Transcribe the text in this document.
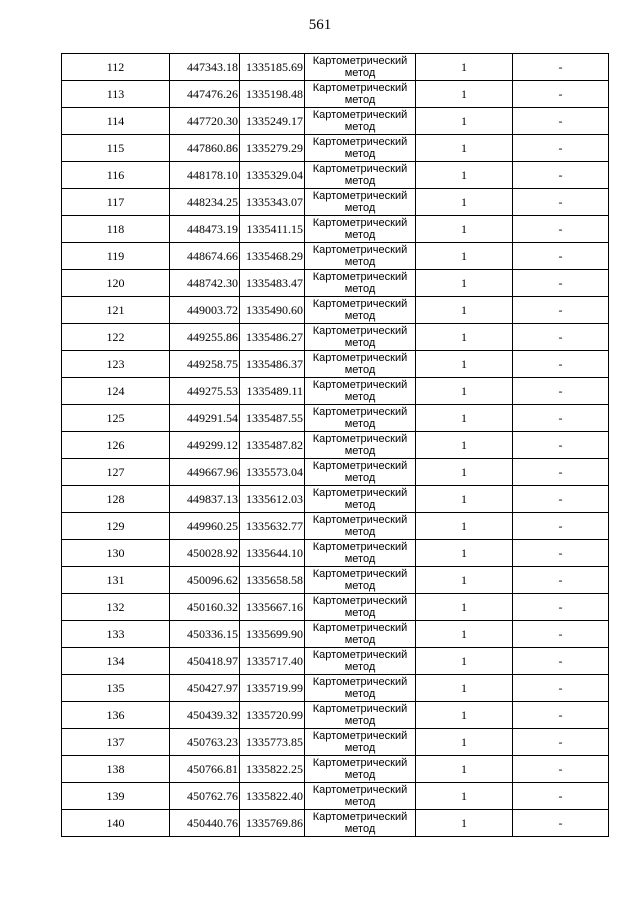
561
112	447343.18	1335185.69	Картометрический метод	1	-
113	447476.26	1335198.48	Картометрический метод	1	-
114	447720.30	1335249.17	Картометрический метод	1	-
115	447860.86	1335279.29	Картометрический метод	1	-
116	448178.10	1335329.04	Картометрический метод	1	-
117	448234.25	1335343.07	Картометрический метод	1	-
118	448473.19	1335411.15	Картометрический метод	1	-
119	448674.66	1335468.29	Картометрический метод	1	-
120	448742.30	1335483.47	Картометрический метод	1	-
121	449003.72	1335490.60	Картометрический метод	1	-
122	449255.86	1335486.27	Картометрический метод	1	-
123	449258.75	1335486.37	Картометрический метод	1	-
124	449275.53	1335489.11	Картометрический метод	1	-
125	449291.54	1335487.55	Картометрический метод	1	-
126	449299.12	1335487.82	Картометрический метод	1	-
127	449667.96	1335573.04	Картометрический метод	1	-
128	449837.13	1335612.03	Картометрический метод	1	-
129	449960.25	1335632.77	Картометрический метод	1	-
130	450028.92	1335644.10	Картометрический метод	1	-
131	450096.62	1335658.58	Картометрический метод	1	-
132	450160.32	1335667.16	Картометрический метод	1	-
133	450336.15	1335699.90	Картометрический метод	1	-
134	450418.97	1335717.40	Картометрический метод	1	-
135	450427.97	1335719.99	Картометрический метод	1	-
136	450439.32	1335720.99	Картометрический метод	1	-
137	450763.23	1335773.85	Картометрический метод	1	-
138	450766.81	1335822.25	Картометрический метод	1	-
139	450762.76	1335822.40	Картометрический метод	1	-
140	450440.76	1335769.86	Картометрический метод	1	-
